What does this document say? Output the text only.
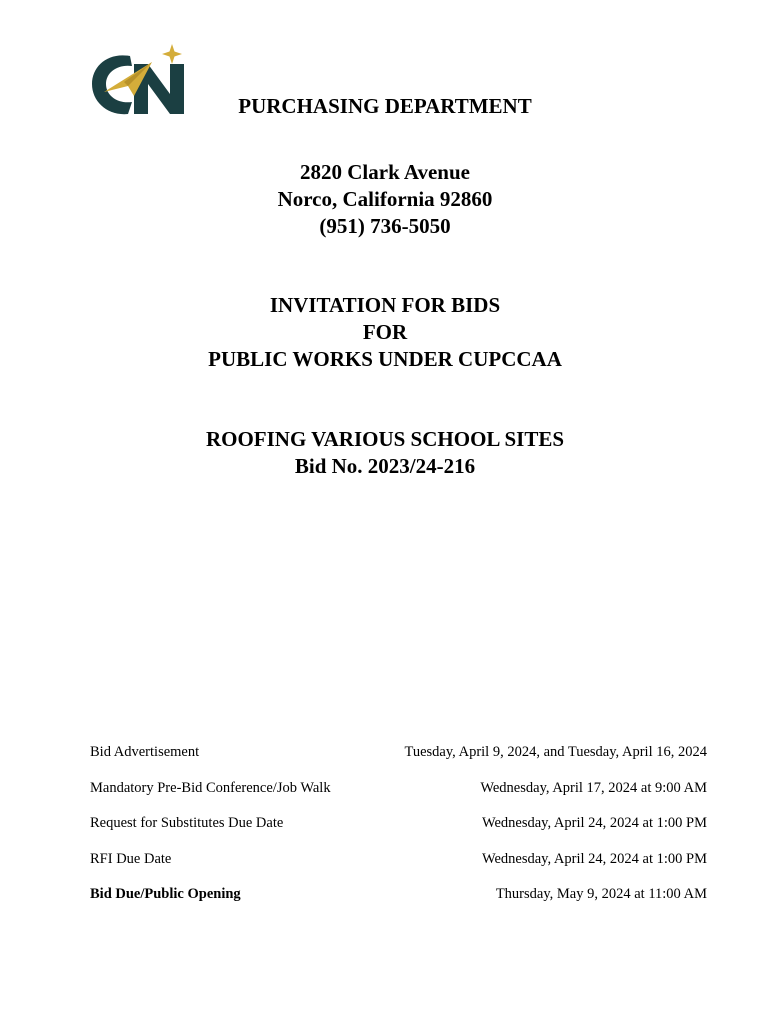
PURCHASING DEPARTMENT
2820 Clark Avenue
Norco, California 92860
(951) 736-5050
INVITATION FOR BIDS
FOR
PUBLIC WORKS UNDER CUPCCAA
ROOFING VARIOUS SCHOOL SITES
Bid No. 2023/24-216
Bid Advertisement	Tuesday, April 9, 2024, and Tuesday, April 16, 2024
Mandatory Pre-Bid Conference/Job Walk	Wednesday, April 17, 2024 at 9:00 AM
Request for Substitutes Due Date	Wednesday, April 24, 2024 at 1:00 PM
RFI Due Date	Wednesday, April 24, 2024 at 1:00 PM
Bid Due/Public Opening	Thursday, May 9, 2024 at 11:00 AM
